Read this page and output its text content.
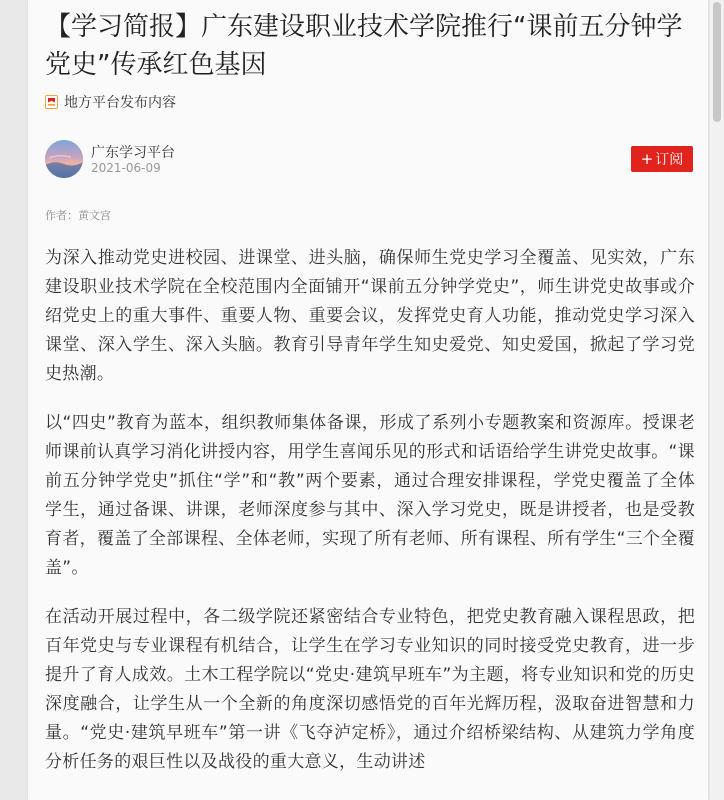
【学习简报】广东建设职业技术学院推行“课前五分钟学党史”传承红色基因
地方平台发布内容
广东学习平台
2021-06-09
+ 订阅
作者：黄文宫

为深入推动党史进校园、进课堂、进头脑，确保师生党史学习全覆盖、见实效，广东建设职业技术学院在全校范围内全面铺开“课前五分钟学党史”，师生讲党史故事或介绍党史上的重大事件、重要人物、重要会议，发挥党史育人功能，推动党史学习深入课堂、深入学生、深入头脑。教育引导青年学生知史爱党、知史爱国，掀起了学习党史热潮。

以“四史”教育为蓝本，组织教师集体备课，形成了系列小专题教案和资源库。授课老师课前认真学习消化讲授内容，用学生喜闻乐见的形式和话语给学生讲党史故事。“课前五分钟学党史”抓住“学”和“教”两个要素，通过合理安排课程，学党史覆盖了全体学生，通过备课、讲课，老师深度参与其中、深入学习党史，既是讲授者，也是受教育者，覆盖了全部课程、全体老师，实现了所有老师、所有课程、所有学生“三个全覆盖”。

在活动开展过程中，各二级学院还紧密结合专业特色，把党史教育融入课程思政，把百年党史与专业课程有机结合，让学生在学习专业知识的同时接受党史教育，进一步提升了育人成效。土木工程学院以“党史·建筑早班车”为主题，将专业知识和党的历史深度融合，让学生从一个全新的角度深切感悟党的百年光辉历程，汲取奋进智慧和力量。“党史·建筑早班车”第一讲《飞夺泸定桥》，通过介绍桥梁结构、从建筑力学角度分析任务的艰巨性以及战役的重大意义，生动讲述
